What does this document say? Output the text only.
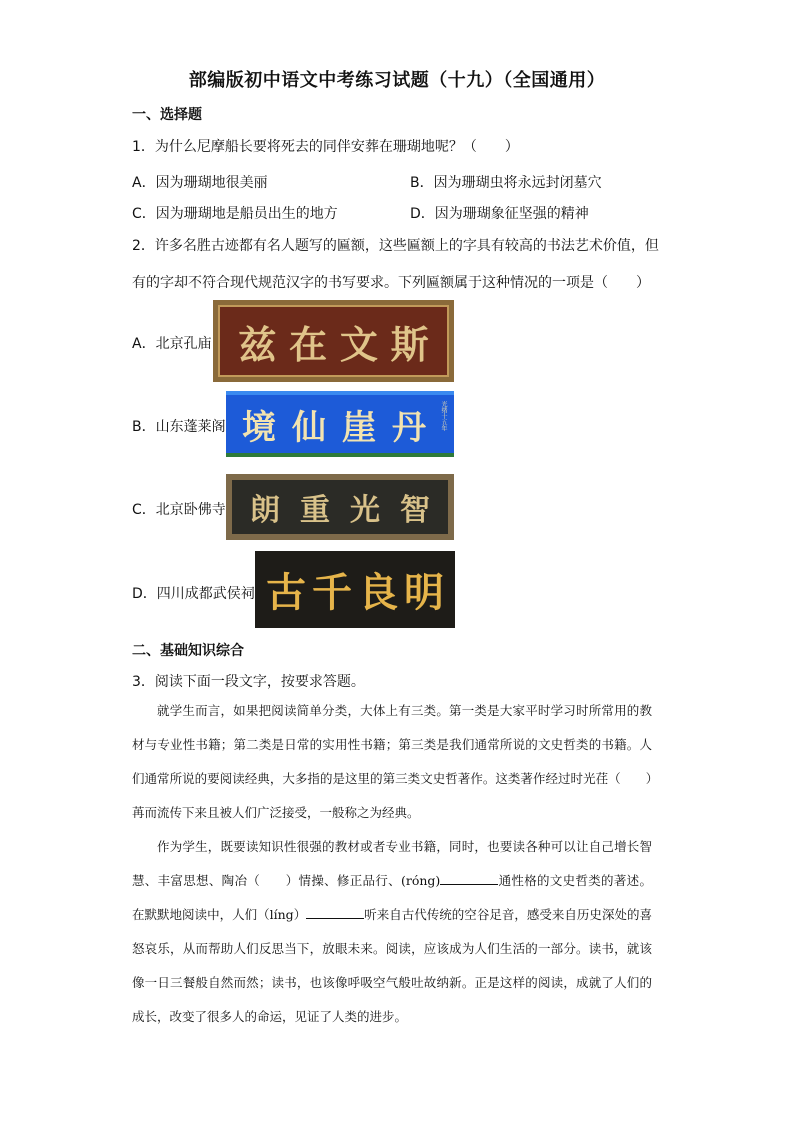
部编版初中语文中考练习试题（十九）（全国通用）
一、选择题
1．为什么尼摩船长要将死去的同伴安葬在珊瑚地呢？（　　）
A．因为珊瑚地很美丽	B．因为珊瑚虫将永远封闭墓穴
C．因为珊瑚地是船员出生的地方	D．因为珊瑚象征坚强的精神
2．许多名胜古迹都有名人题写的匾额，这些匾额上的字具有较高的书法艺术价值，但
有的字却不符合现代规范汉字的书写要求。下列匾额属于这种情况的一项是（　　）
A．北京孔庙 兹 在 文 斯
B．山东蓬莱阁 境 仙 崖 丹	光绪十五年
C．北京卧佛寺 朗 重 光 智
D．四川成都武侯祠 古 千 良 明
二、基础知识综合
3．阅读下面一段文字，按要求答题。

就学生而言，如果把阅读简单分类，大体上有三类。第一类是大家平时学习时所常用的教材与专业性书籍；第二类是日常的实用性书籍；第三类是我们通常所说的文史哲类的书籍。人们通常所说的要阅读经典，大多指的是这里的第三类文史哲著作。这类著作经过时光荏（　　）苒而流传下来且被人们广泛接受，一般称之为经典。

作为学生，既要读知识性很强的教材或者专业书籍，同时，也要读各种可以让自己增长智慧、丰富思想、陶冶（　　）情操、修正品行、(róng)	通性格的文史哲类的著述。在默默地阅读中，人们（líng）	听来自古代传统的空谷足音，感受来自历史深处的喜怒哀乐，从而帮助人们反思当下，放眼未来。阅读，应该成为人们生活的一部分。读书，就该像一日三餐般自然而然；读书，也该像呼吸空气般吐故纳新。正是这样的阅读，成就了人们的成长，改变了很多人的命运，见证了人类的进步。
